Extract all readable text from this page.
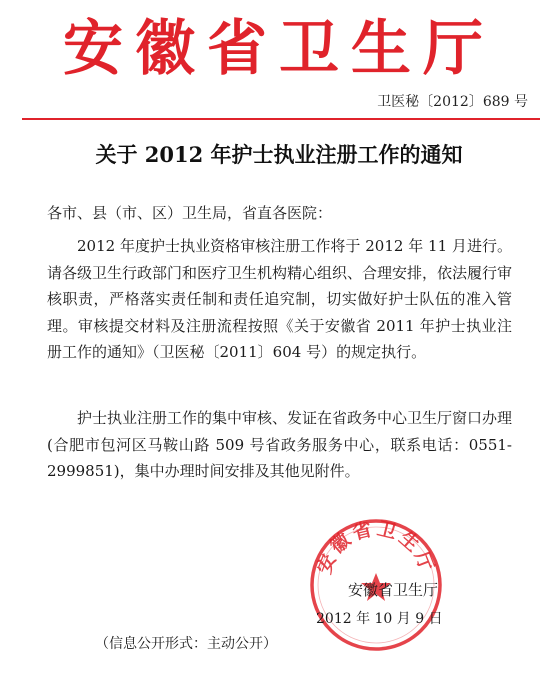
安徽省卫生厅
卫医秘〔2012〕689 号
关于 2012 年护士执业注册工作的通知
各市、县（市、区）卫生局，省直各医院：

2012 年度护士执业资格审核注册工作将于 2012 年 11 月进行。请各级卫生行政部门和医疗卫生机构精心组织、合理安排，依法履行审核职责，严格落实责任制和责任追究制，切实做好护士队伍的准入管理。审核提交材料及注册流程按照《关于安徽省 2011 年护士执业注册工作的通知》（卫医秘〔2011〕604 号）的规定执行。

护士执业注册工作的集中审核、发证在省政务中心卫生厅窗口办理(合肥市包河区马鞍山路 509 号省政务服务中心，联系电话：0551-2999851)，集中办理时间安排及其他见附件。

安徽省卫生厅
安徽省卫生厅
2012 年 10 月 9 日
（信息公开形式：主动公开）
